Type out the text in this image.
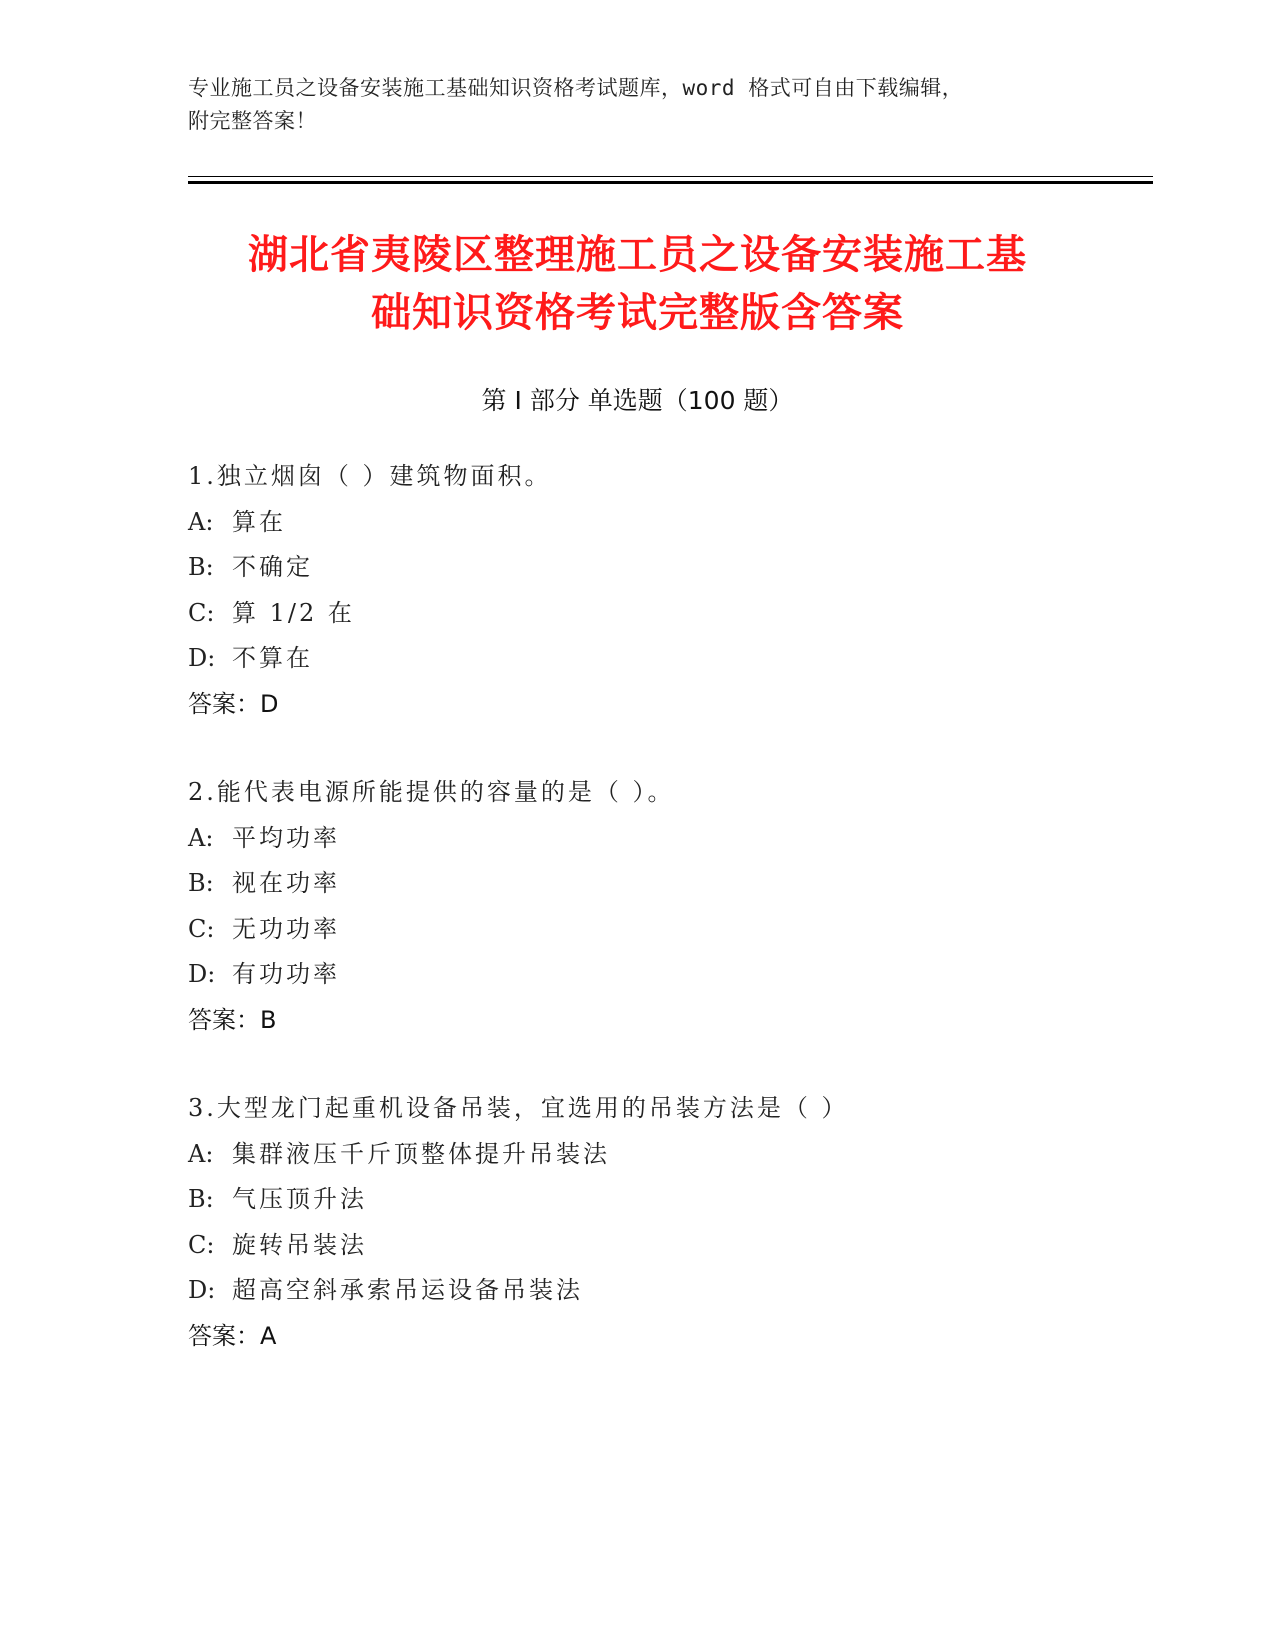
专业施工员之设备安装施工基础知识资格考试题库，word 格式可自由下载编辑，
附完整答案！
湖北省夷陵区整理施工员之设备安装施工基
础知识资格考试完整版含答案
第 I 部分 单选题（100 题）
1.独立烟囱（ ）建筑物面积。
A: 算在
B: 不确定
C: 算 1/2 在
D: 不算在
答案：D
2.能代表电源所能提供的容量的是（ ）。
A: 平均功率
B: 视在功率
C: 无功功率
D: 有功功率
答案：B
3.大型龙门起重机设备吊装，宜选用的吊装方法是（ ）
A: 集群液压千斤顶整体提升吊装法
B: 气压顶升法
C: 旋转吊装法
D: 超高空斜承索吊运设备吊装法
答案：A
